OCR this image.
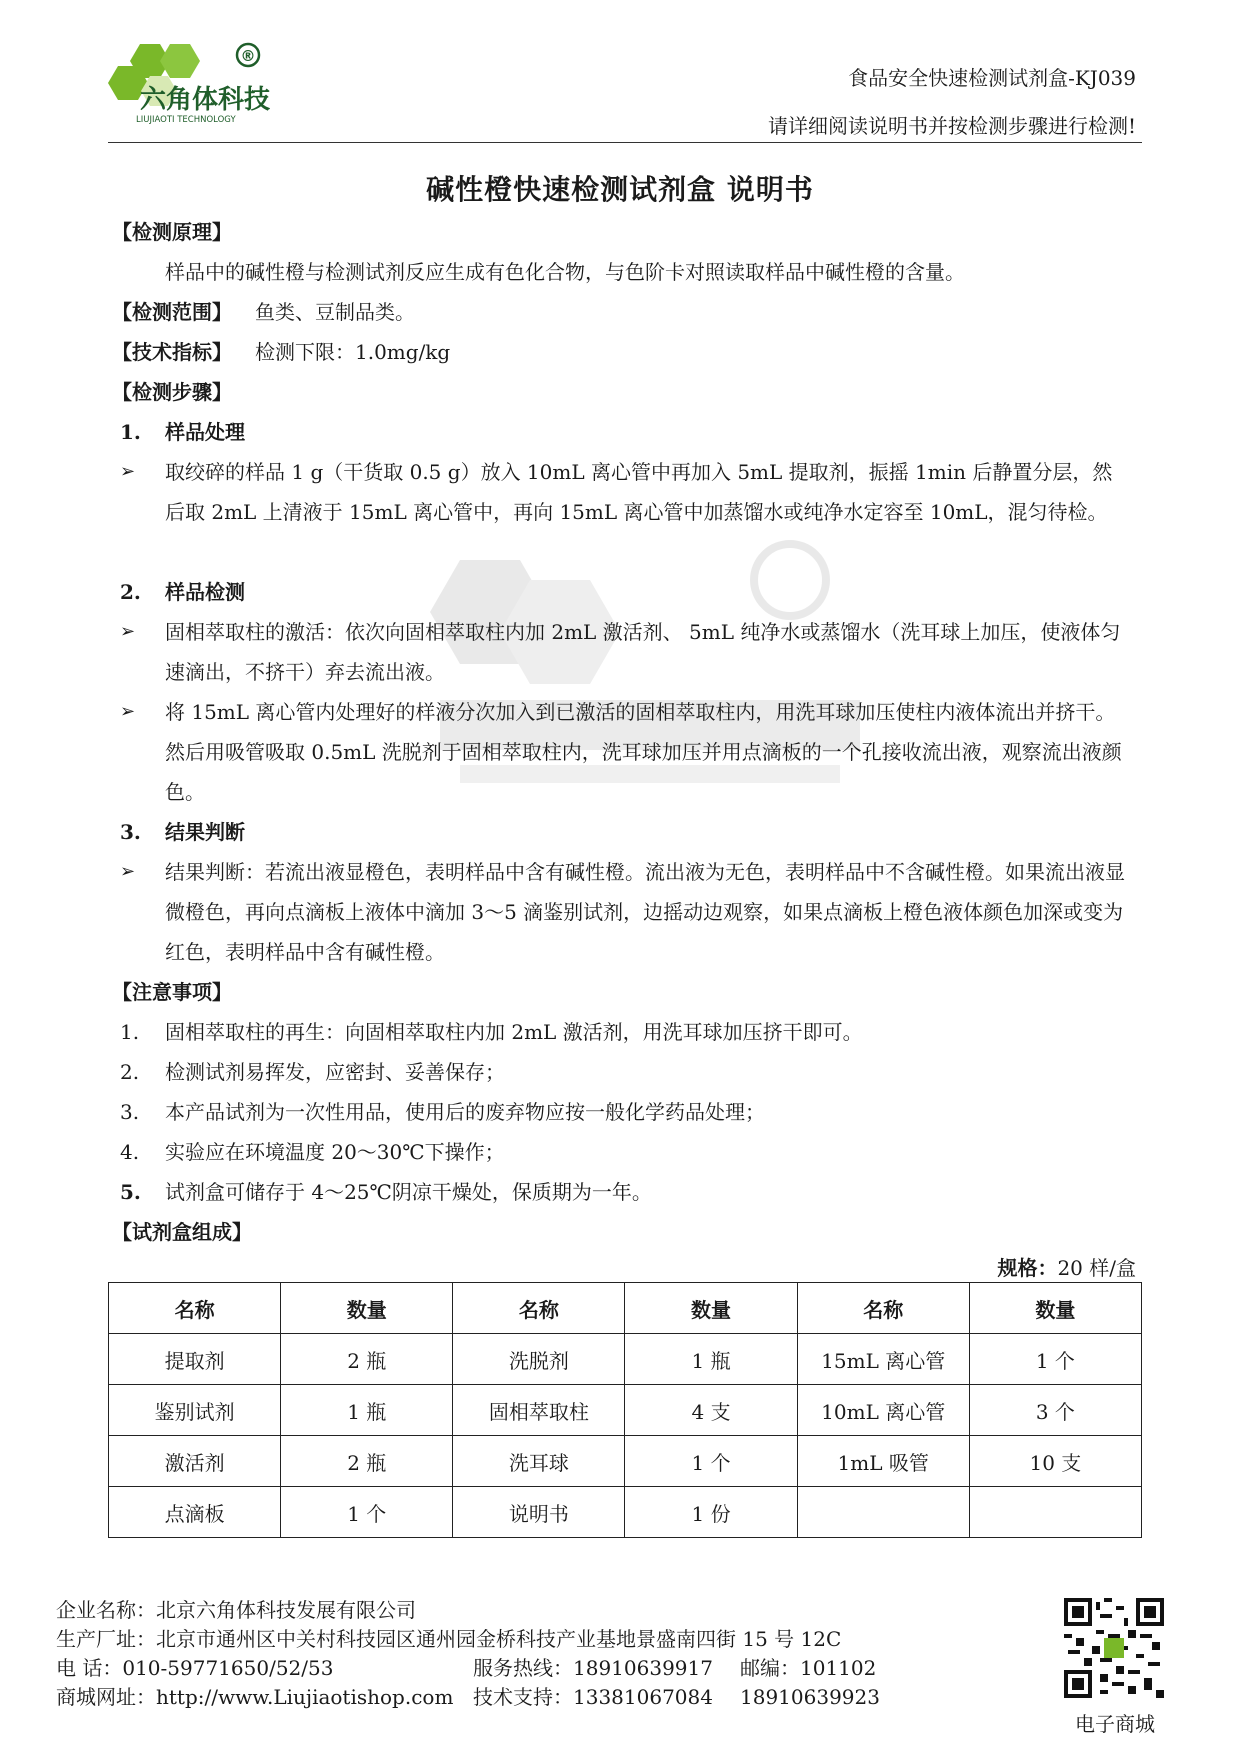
®
六角体科技
LIUJIAOTI TECHNOLOGY
食品安全快速检测试剂盒-KJ039
请详细阅读说明书并按检测步骤进行检测!
碱性橙快速检测试剂盒 说明书
【检测原理】
样品中的碱性橙与检测试剂反应生成有色化合物，与色阶卡对照读取样品中碱性橙的含量。
【检测范围】 鱼类、豆制品类。
【技术指标】 检测下限：1.0mg/kg
【检测步骤】
1. 样品处理
➢ 取绞碎的样品 1 g（干货取 0.5 g）放入 10mL 离心管中再加入 5mL 提取剂，振摇 1min 后静置分层，然后取 2mL 上清液于 15mL 离心管中，再向 15mL 离心管中加蒸馏水或纯净水定容至 10mL，混匀待检。
2. 样品检测
➢ 固相萃取柱的激活：依次向固相萃取柱内加 2mL 激活剂、 5mL 纯净水或蒸馏水（洗耳球上加压，使液体匀速滴出，不挤干）弃去流出液。
➢ 将 15mL 离心管内处理好的样液分次加入到已激活的固相萃取柱内，用洗耳球加压使柱内液体流出并挤干。然后用吸管吸取 0.5mL 洗脱剂于固相萃取柱内，洗耳球加压并用点滴板的一个孔接收流出液，观察流出液颜色。
3. 结果判断
➢ 结果判断：若流出液显橙色，表明样品中含有碱性橙。流出液为无色，表明样品中不含碱性橙。如果流出液显微橙色，再向点滴板上液体中滴加 3～5 滴鉴别试剂，边摇动边观察，如果点滴板上橙色液体颜色加深或变为红色，表明样品中含有碱性橙。
【注意事项】
1. 固相萃取柱的再生：向固相萃取柱内加 2mL 激活剂，用洗耳球加压挤干即可。
2. 检测试剂易挥发，应密封、妥善保存；
3. 本产品试剂为一次性用品，使用后的废弃物应按一般化学药品处理；
4. 实验应在环境温度 20～30℃下操作；
5. 试剂盒可储存于 4～25℃阴凉干燥处，保质期为一年。
【试剂盒组成】
规格：20 样/盒
名称	数量	名称	数量	名称	数量
提取剂	2 瓶	洗脱剂	1 瓶	15mL 离心管	1 个
鉴别试剂	1 瓶	固相萃取柱	4 支	10mL 离心管	3 个
激活剂	2 瓶	洗耳球	1 个	1mL 吸管	10 支
点滴板	1 个	说明书	1 份		
企业名称：北京六角体科技发展有限公司
生产厂址：北京市通州区中关村科技园区通州园金桥科技产业基地景盛南四街 15 号 12C
电 话：010-59771650/52/53	服务热线：18910639917 邮编：101102
商城网址：http://www.Liujiaotishop.com 技术支持：13381067084 18910639923
电子商城
